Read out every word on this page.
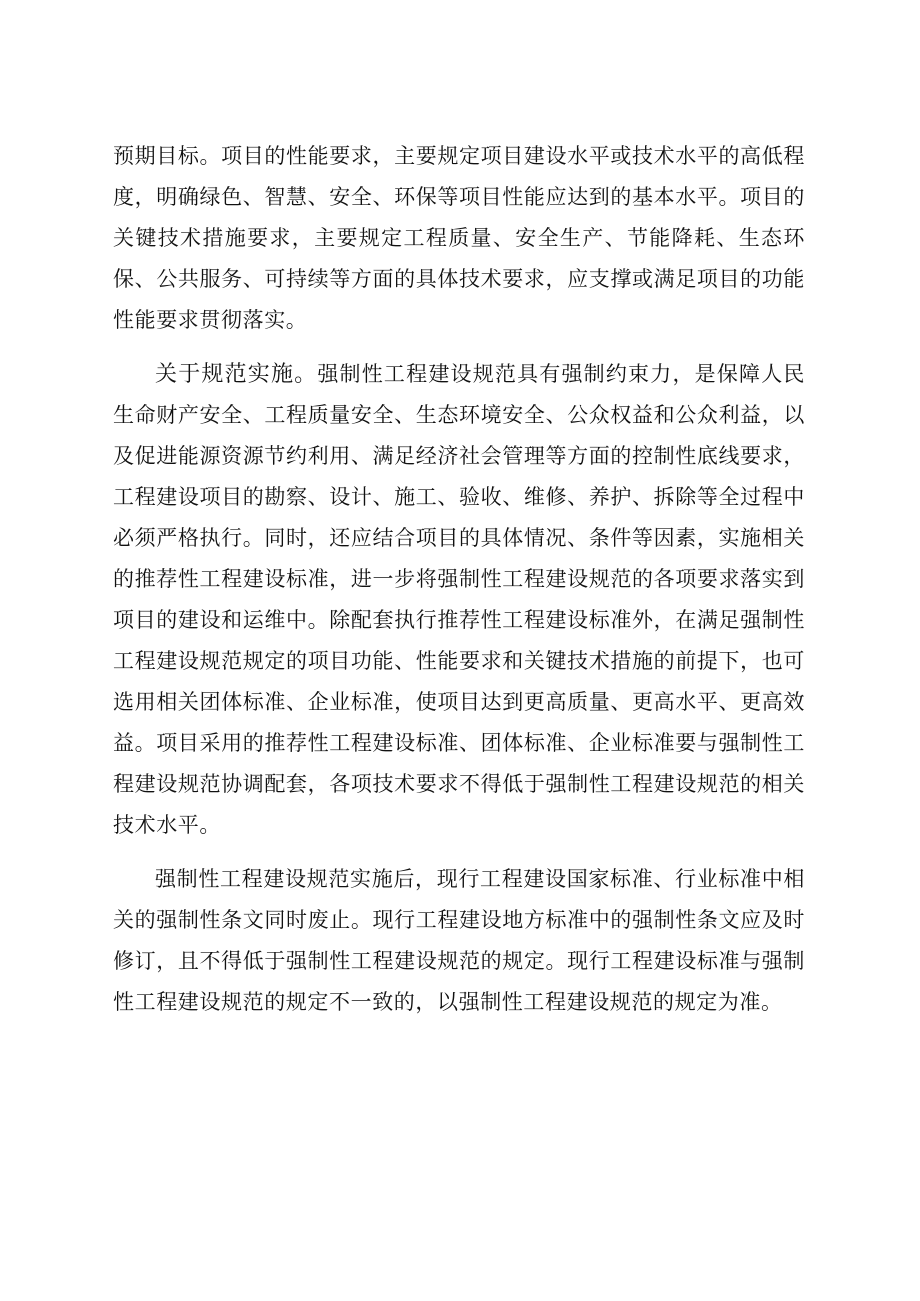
预期目标。项目的性能要求，主要规定项目建设水平或技术水平的高低程度，明确绿色、智慧、安全、环保等项目性能应达到的基本水平。项目的关键技术措施要求，主要规定工程质量、安全生产、节能降耗、生态环保、公共服务、可持续等方面的具体技术要求，应支撑或满足项目的功能性能要求贯彻落实。

关于规范实施。强制性工程建设规范具有强制约束力，是保障人民生命财产安全、工程质量安全、生态环境安全、公众权益和公众利益，以及促进能源资源节约利用、满足经济社会管理等方面的控制性底线要求，工程建设项目的勘察、设计、施工、验收、维修、养护、拆除等全过程中必须严格执行。同时，还应结合项目的具体情况、条件等因素，实施相关的推荐性工程建设标准，进一步将强制性工程建设规范的各项要求落实到项目的建设和运维中。除配套执行推荐性工程建设标准外，在满足强制性工程建设规范规定的项目功能、性能要求和关键技术措施的前提下，也可选用相关团体标准、企业标准，使项目达到更高质量、更高水平、更高效益。项目采用的推荐性工程建设标准、团体标准、企业标准要与强制性工程建设规范协调配套，各项技术要求不得低于强制性工程建设规范的相关技术水平。

强制性工程建设规范实施后，现行工程建设国家标准、行业标准中相关的强制性条文同时废止。现行工程建设地方标准中的强制性条文应及时修订，且不得低于强制性工程建设规范的规定。现行工程建设标准与强制性工程建设规范的规定不一致的，以强制性工程建设规范的规定为准。
